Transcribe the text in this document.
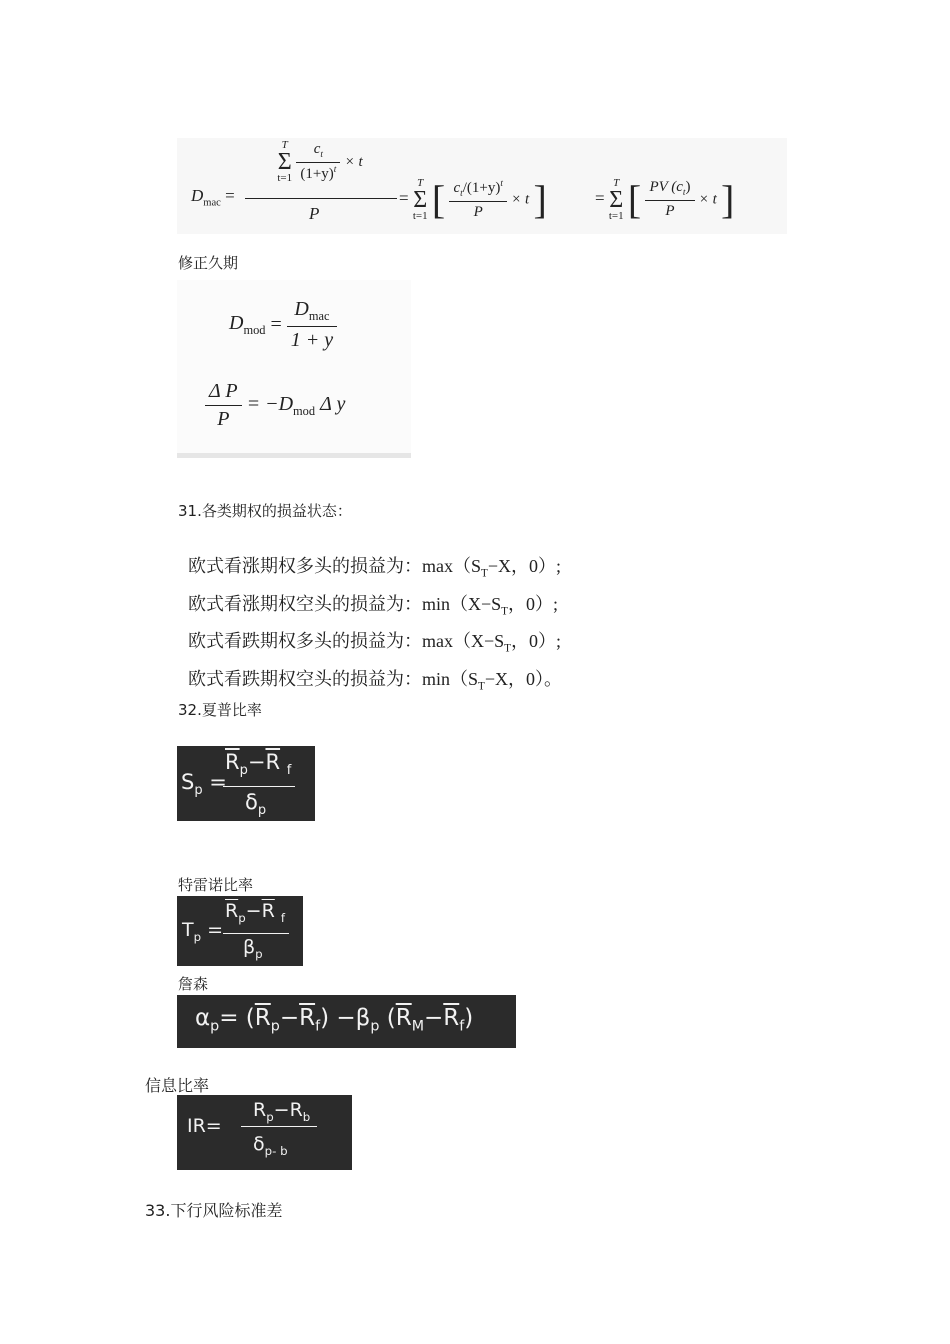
$D_{mac}$ =
T
Σ
t=1
$\frac{c_t}{(1+y)^t} \times t$
P
=
T
Σ
t=1 [ $\frac{c_t/(1+y)^t}{P} \times t$ ]	=
T
Σ
t=1 [ $\frac{PV (c_t)}{P} \times t$ ]
修正久期
$D_{mod} = \frac{D_{mac}}{1 + y}$
$\frac{\text{Δ P}}{P} = -D_{mod}$ Δ y
31.各类期权的损益状态：
欧式看涨期权多头的损益为：$\max(S_T-X$，0）;
欧式看涨期权空头的损益为：$\min(X-S_T$，0）;
欧式看跌期权多头的损益为：$\max(X-S_T$，0）;
欧式看跌期权空头的损益为：$\min(S_T-X$，0）。
32.夏普比率
$S_p$ =
$\overline{R}_p-\overline{R}$ $_f$
$\delta_p$
特雷诺比率
$T_p$ =
$\overline{R}_p-\overline{R}$ $_f$
$\beta_p$
詹森
$\alpha_p= (\overline{R}_p-\overline{R}_f) -\beta_p$ $(\overline{R}_M-\overline{R}_f)$
信息比率
IR=
$R_p-R_b$
$\delta_{p- b}$
33.下行风险标准差
